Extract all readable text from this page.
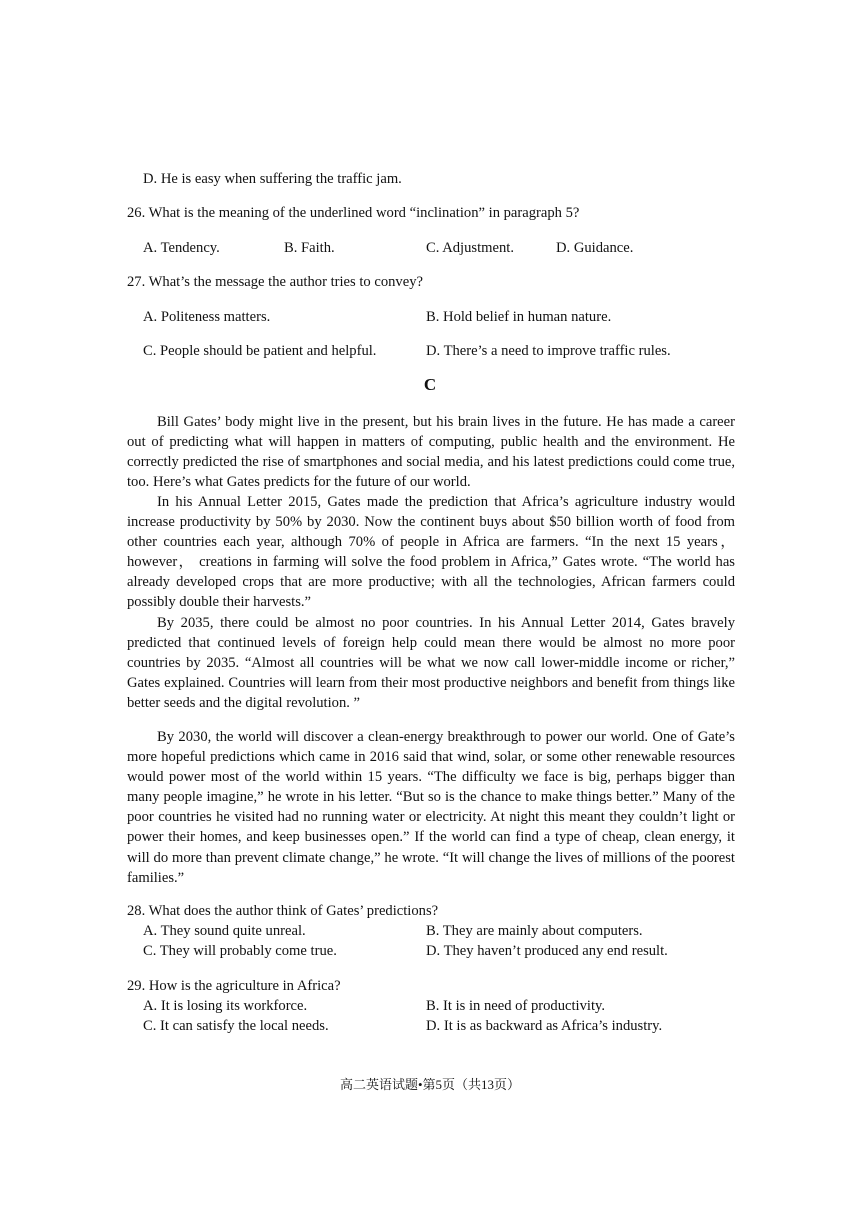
D. He is easy when suffering the traffic jam.
26. What is the meaning of the underlined word “inclination” in paragraph 5?
A. Tendency.	B. Faith.	C. Adjustment.	D. Guidance.
27. What’s the message the author tries to convey?
A. Politeness matters.	B. Hold belief in human nature.
C. People should be patient and helpful.	D. There’s a need to improve traffic rules.
C

Bill Gates’ body might live in the present, but his brain lives in the future. He has made a career out of predicting what will happen in matters of computing, public health and the environment. He correctly predicted the rise of smartphones and social media, and his latest predictions could come true, too. Here’s what Gates predicts for the future of our world.

In his Annual Letter 2015, Gates made the prediction that Africa’s agriculture industry would increase productivity by 50% by 2030. Now the continent buys about $50 billion worth of food from other countries each year, although 70% of people in Africa are farmers. “In the next 15 years， however， creations in farming will solve the food problem in Africa,” Gates wrote. “The world has already developed crops that are more productive; with all the technologies, African farmers could possibly double their harvests.”

By 2035, there could be almost no poor countries. In his Annual Letter 2014, Gates bravely predicted that continued levels of foreign help could mean there would be almost no more poor countries by 2035. “Almost all countries will be what we now call lower-middle income or richer,” Gates explained. Countries will learn from their most productive neighbors and benefit from things like better seeds and the digital revolution. ”

By 2030, the world will discover a clean-energy breakthrough to power our world. One of Gate’s more hopeful predictions which came in 2016 said that wind, solar, or some other renewable resources would power most of the world within 15 years. “The difficulty we face is big, perhaps bigger than many people imagine,” he wrote in his letter. “But so is the chance to make things better.” Many of the poor countries he visited had no running water or electricity. At night this meant they couldn’t light or power their homes, and keep businesses open.” If the world can find a type of cheap, clean energy, it will do more than prevent climate change,” he wrote. “It will change the lives of millions of the poorest families.”

28. What does the author think of Gates’ predictions?
A. They sound quite unreal.	B. They are mainly about computers.
C. They will probably come true.	D. They haven’t produced any end result.
29. How is the agriculture in Africa?
A. It is losing its workforce.	B. It is in need of productivity.
C. It can satisfy the local needs.	D. It is as backward as Africa’s industry.
高二英语试题•第5页（共13页）
